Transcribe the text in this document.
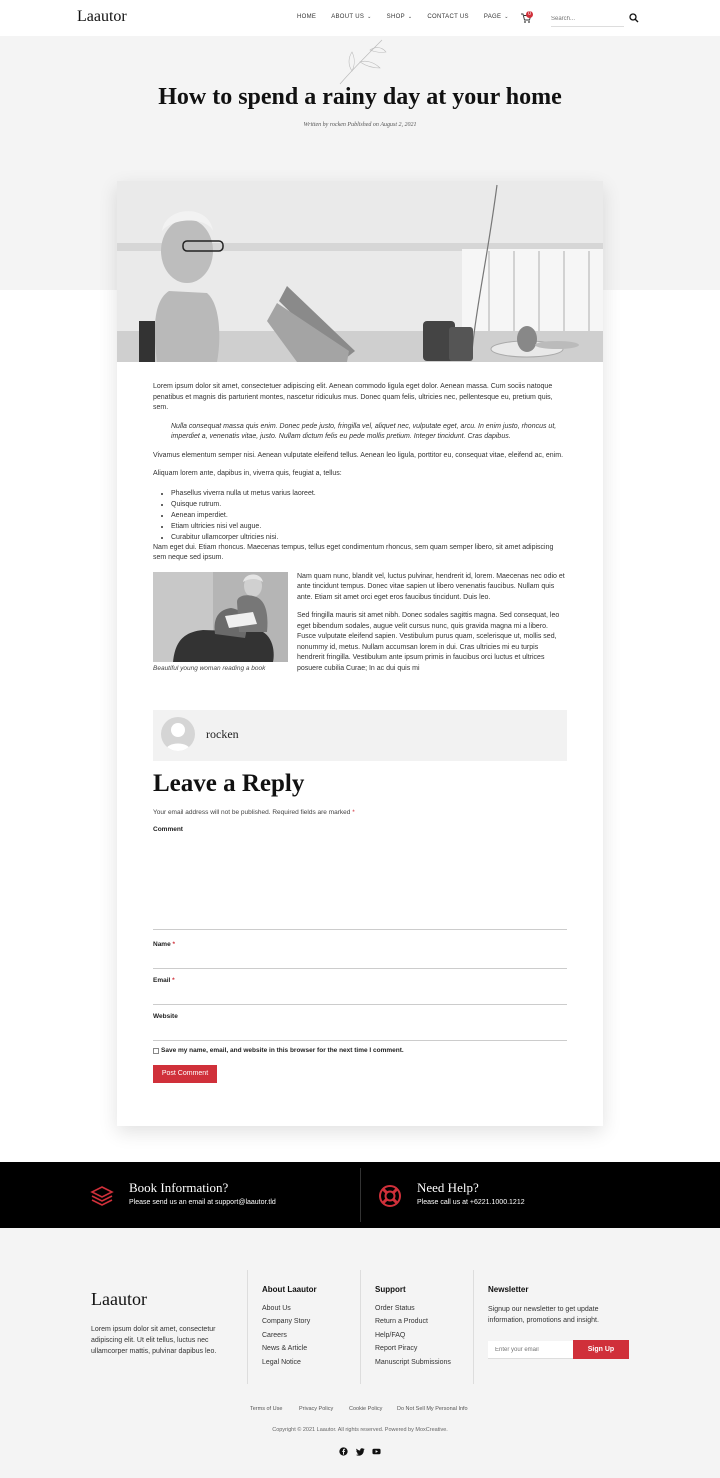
Laautor	HOME	ABOUT US ⌄	SHOP ⌄	CONTACT US	PAGE ⌄	0
Search...
How to spend a rainy day at your home
Written by rocken Published on August 2, 2021

Lorem ipsum dolor sit amet, consectetuer adipiscing elit. Aenean commodo ligula eget dolor. Aenean massa. Cum sociis natoque penatibus et magnis dis parturient montes, nascetur ridiculus mus. Donec quam felis, ultricies nec, pellentesque eu, pretium quis, sem.

Nulla consequat massa quis enim. Donec pede justo, fringilla vel, aliquet nec, vulputate eget, arcu. In enim justo, rhoncus ut, imperdiet a, venenatis vitae, justo. Nullam dictum felis eu pede mollis pretium. Integer tincidunt. Cras dapibus.

Vivamus elementum semper nisi. Aenean vulputate eleifend tellus. Aenean leo ligula, porttitor eu, consequat vitae, eleifend ac, enim.

Aliquam lorem ante, dapibus in, viverra quis, feugiat a, tellus:

• Phasellus viverra nulla ut metus varius laoreet.
• Quisque rutrum.
• Aenean imperdiet.
• Etiam ultricies nisi vel augue.
• Curabitur ullamcorper ultricies nisi.

Nam eget dui. Etiam rhoncus. Maecenas tempus, tellus eget condimentum rhoncus, sem quam semper libero, sit amet adipiscing sem neque sed ipsum.

Beautiful young woman reading a book

Nam quam nunc, blandit vel, luctus pulvinar, hendrerit id, lorem. Maecenas nec odio et ante tincidunt tempus. Donec vitae sapien ut libero venenatis faucibus. Nullam quis ante. Etiam sit amet orci eget eros faucibus tincidunt. Duis leo.

Sed fringilla mauris sit amet nibh. Donec sodales sagittis magna. Sed consequat, leo eget bibendum sodales, augue velit cursus nunc, quis gravida magna mi a libero. Fusce vulputate eleifend sapien. Vestibulum purus quam, scelerisque ut, mollis sed, nonummy id, metus. Nullam accumsan lorem in dui. Cras ultricies mi eu turpis hendrerit fringilla. Vestibulum ante ipsum primis in faucibus orci luctus et ultrices posuere cubilia Curae; In ac dui quis mi

rocken
Leave a Reply
Your email address will not be published. Required fields are marked *
Comment
Name *
Email *
Website
Save my name, email, and website in this browser for the next time I comment.
Post Comment
Book Information?
Please send us an email at support@laautor.tld
Need Help?
Please call us at +6221.1000.1212
Laautor
Lorem ipsum dolor sit amet, consectetur adipiscing elit. Ut elit tellus, luctus nec ullamcorper mattis, pulvinar dapibus leo.
About Laautor
About Us
Company Story
Careers
News & Article
Legal Notice
Support
Order Status
Return a Product
Help/FAQ
Report Piracy
Manuscript Submissions
Newsletter
Signup our newsletter to get update information, promotions and insight.
Enter your email
Sign Up
Terms of Use	Privacy Policy	Cookie Policy	Do Not Sell My Personal Info
Copyright © 2021 Laautor. All rights reserved. Powered by MoxCreative.
